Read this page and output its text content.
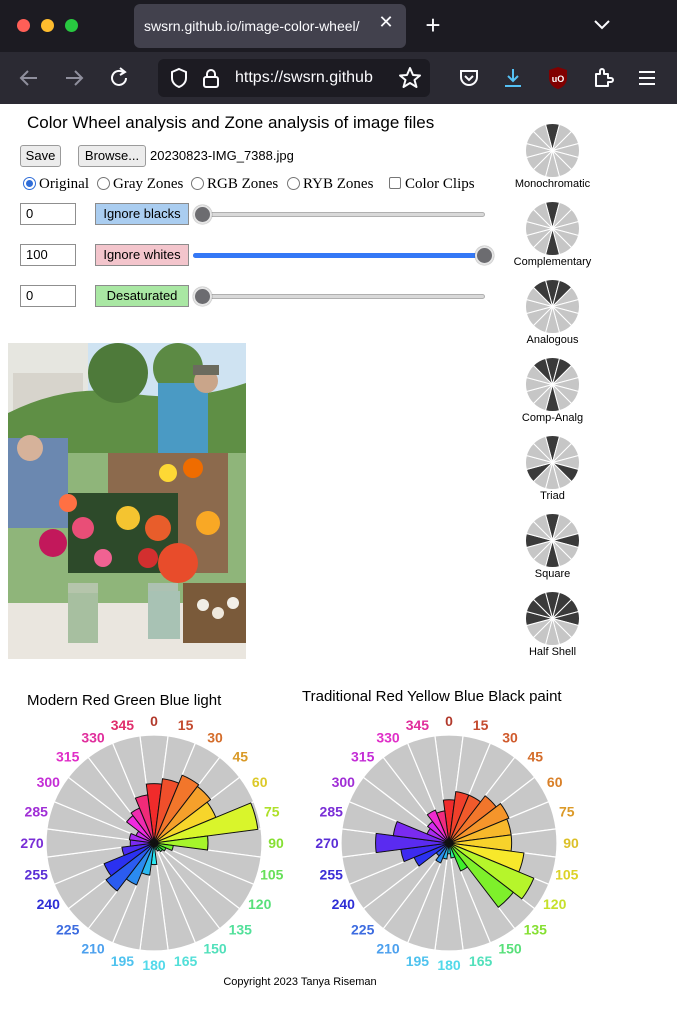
swsrn.github.io/image-color-wheel/	✕ +
https://swsrn.github	uO
Color Wheel analysis and Zone analysis of image files
Save	Browse... 20230823-IMG_7388.jpg
Original	Gray Zones	RGB Zones	RYB Zones	Color Clips
0	Ignore blacks
100	Ignore whites
0	Desaturated
Monochromatic
Complementary
Analogous
Comp-Analg
Triad
Square
Half Shell
Modern Red Green Blue light	Traditional Red Yellow Blue Black paint
0 15
30
45
60
75
90
105
120
135
150
165
180
195
210
225
240
255
270
285
300
315
330
345	0 15
30
45
60
75
90
105
120
135
150
165
180
195
210
225
240
255
270
285
300
315
330
345
Copyright 2023 Tanya Riseman
